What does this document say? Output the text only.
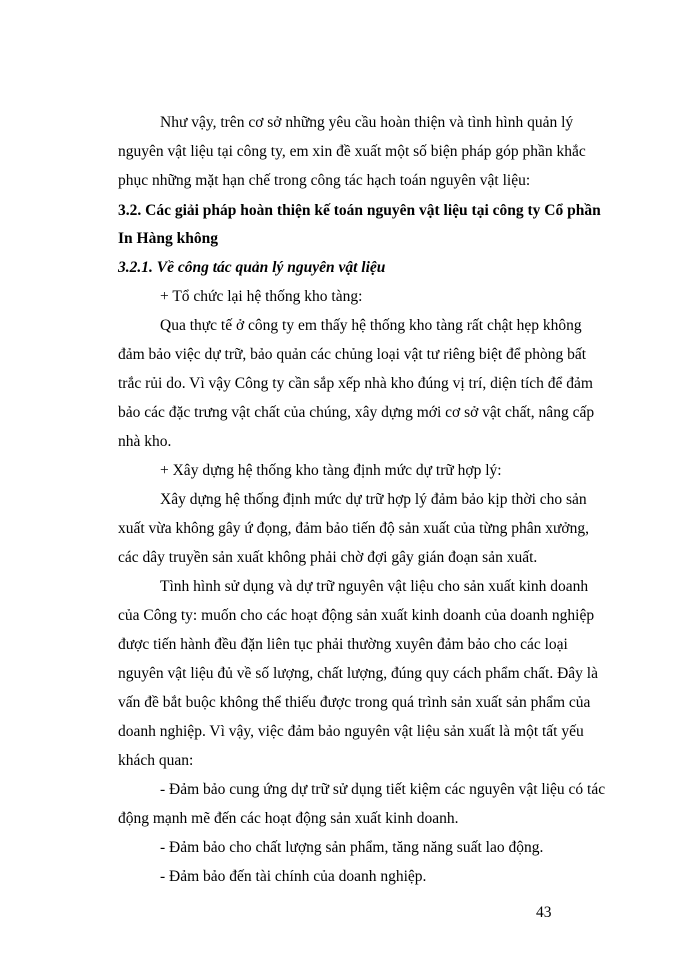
Như vậy, trên cơ sở những yêu cầu hoàn thiện và tình hình quản lý
nguyên vật liệu tại công ty, em xin đề xuất một số biện pháp góp phần khắc
phục những mặt hạn chế trong công tác hạch toán nguyên vật liệu:
3.2. Các giải pháp hoàn thiện kế toán nguyên vật liệu tại công ty Cổ phần
In Hàng không
3.2.1. Về công tác quản lý nguyên vật liệu
+ Tổ chức lại hệ thống kho tàng:
Qua thực tế ở công ty em thấy hệ thống kho tàng rất chật hẹp không
đảm bảo việc dự trữ, bảo quản các chủng loại vật tư riêng biệt để phòng bất
trắc rủi do. Vì vậy Công ty cần sắp xếp nhà kho đúng vị trí, diện tích để đảm
bảo các đặc trưng vật chất của chúng, xây dựng mới cơ sở vật chất, nâng cấp
nhà kho.
+ Xây dựng hệ thống kho tàng định mức dự trữ hợp lý:
Xây dựng hệ thống định mức dự trữ hợp lý đảm bảo kịp thời cho sản
xuất vừa không gây ứ đọng, đảm bảo tiến độ sản xuất của từng phân xưởng,
các dây truyền sản xuất không phải chờ đợi gây gián đoạn sản xuất.
Tình hình sử dụng và dự trữ nguyên vật liệu cho sản xuất kinh doanh
của Công ty: muốn cho các hoạt động sản xuất kinh doanh của doanh nghiệp
được tiến hành đều đặn liên tục phải thường xuyên đảm bảo cho các loại
nguyên vật liệu đủ về số lượng, chất lượng, đúng quy cách phẩm chất. Đây là
vấn đề bắt buộc không thể thiếu được trong quá trình sản xuất sản phẩm của
doanh nghiệp. Vì vậy, việc đảm bảo nguyên vật liệu sản xuất là một tất yếu
khách quan:
- Đảm bảo cung ứng dự trữ sử dụng tiết kiệm các nguyên vật liệu có tác
động mạnh mẽ đến các hoạt động sản xuất kinh doanh.
- Đảm bảo cho chất lượng sản phẩm, tăng năng suất lao động.
- Đảm bảo đến tài chính của doanh nghiệp.
43
